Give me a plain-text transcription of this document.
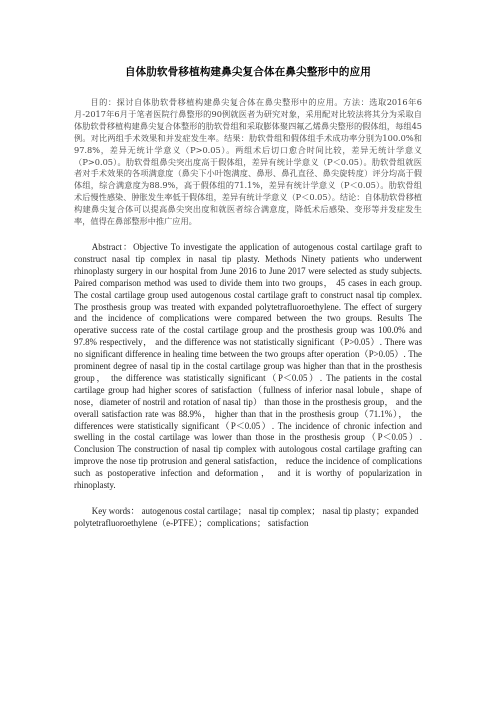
自体肋软骨移植构建鼻尖复合体在鼻尖整形中的应用

目的：探讨自体肋软骨移植构建鼻尖复合体在鼻尖整形中的应用。方法：选取2016年6月-2017年6月于笔者医院行鼻整形的90例就医者为研究对象，采用配对比较法将其分为采取自体肋软骨移植构建鼻尖复合体整形的肋软骨组和采取膨体聚四氟乙烯鼻尖整形的假体组，每组45例。对比两组手术效果和并发症发生率。结果：肋软骨组和假体组手术成功率分别为100.0%和97.8%，差异无统计学意义（P>0.05）。两组术后切口愈合时间比较，差异无统计学意义（P>0.05）。肋软骨组鼻尖突出度高于假体组，差异有统计学意义（P＜0.05）。肋软骨组就医者对手术效果的各项满意度（鼻尖下小叶饱满度、鼻形、鼻孔直径、鼻尖旋转度）评分均高于假体组，综合满意度为88.9%，高于假体组的71.1%，差异有统计学意义（P＜0.05）。肋软骨组术后慢性感染、肿胀发生率低于假体组，差异有统计学意义（P＜0.05）。结论：自体肋软骨移植构建鼻尖复合体可以提高鼻尖突出度和就医者综合满意度，降低术后感染、变形等并发症发生率，值得在鼻部整形中推广应用。

Abstract：Objective To investigate the application of autogenous costal cartilage graft to construct nasal tip complex in nasal tip plasty. Methods Ninety patients who underwent rhinoplasty surgery in our hospital from June 2016 to June 2017 were selected as study subjects. Paired comparison method was used to divide them into two groups， 45 cases in each group. The costal cartilage group used autogenous costal cartilage graft to construct nasal tip complex. The prosthesis group was treated with expanded polytetrafluoroethylene. The effect of surgery and the incidence of complications were compared between the two groups. Results The operative success rate of the costal cartilage group and the prosthesis group was 100.0% and 97.8% respectively， and the difference was not statistically significant（P>0.05）. There was no significant difference in healing time between the two groups after operation（P>0.05）. The prominent degree of nasal tip in the costal cartilage group was higher than that in the prosthesis group， the difference was statistically significant（P＜0.05）. The patients in the costal cartilage group had higher scores of satisfaction（fullness of inferior nasal lobule，shape of nose，diameter of nostril and rotation of nasal tip） than those in the prosthesis group， and the overall satisfaction rate was 88.9%， higher than that in the prosthesis group（71.1%）， the differences were statistically significant（P＜0.05）. The incidence of chronic infection and swelling in the costal cartilage was lower than those in the prosthesis group（P＜0.05）. Conclusion The construction of nasal tip complex with autologous costal cartilage grafting can improve the nose tip protrusion and general satisfaction， reduce the incidence of complications such as postoperative infection and deformation， and it is worthy of popularization in rhinoplasty.

Key words： autogenous costal cartilage； nasal tip complex； nasal tip plasty；expanded polytetrafluoroethylene（e-PTFE）；complications； satisfaction
